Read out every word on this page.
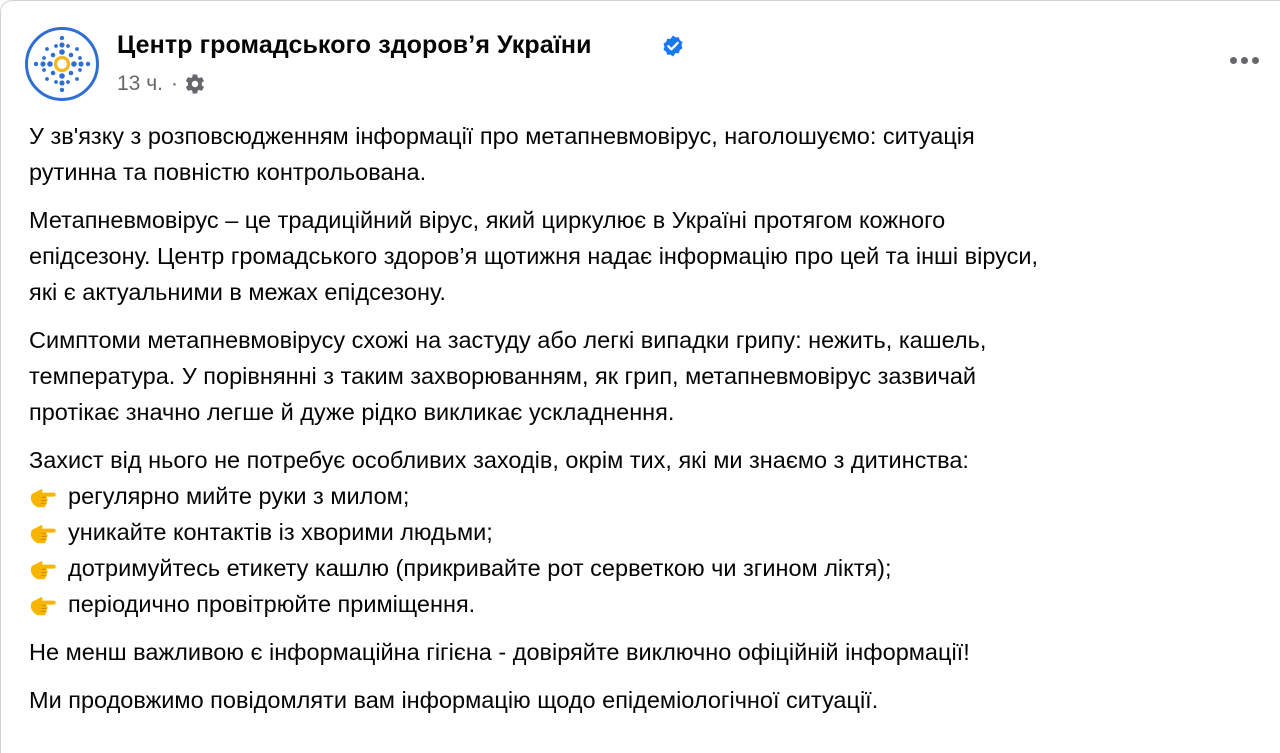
Центр громадського здоров’я України
13 ч. ·

У зв'язку з розповсюдженням інформації про метапневмовірус, наголошуємо: ситуація
рутинна та повністю контрольована.

Метапневмовірус – це традиційний вірус, який циркулює в Україні протягом кожного
епідсезону. Центр громадського здоров’я щотижня надає інформацію про цей та інші віруси,
які є актуальними в межах епідсезону.

Симптоми метапневмовірусу схожі на застуду або легкі випадки грипу: нежить, кашель,
температура. У порівнянні з таким захворюванням, як грип, метапневмовірус зазвичай
протікає значно легше й дуже рідко викликає ускладнення.

Захист від нього не потребує особливих заходів, окрім тих, які ми знаємо з дитинства:
регулярно мийте руки з милом;
уникайте контактів із хворими людьми;
дотримуйтесь етикету кашлю (прикривайте рот серветкою чи згином ліктя);
періодично провітрюйте приміщення.

Не менш важливою є інформаційна гігієна - довіряйте виключно офіційній інформації!

Ми продовжимо повідомляти вам інформацію щодо епідеміологічної ситуації.
